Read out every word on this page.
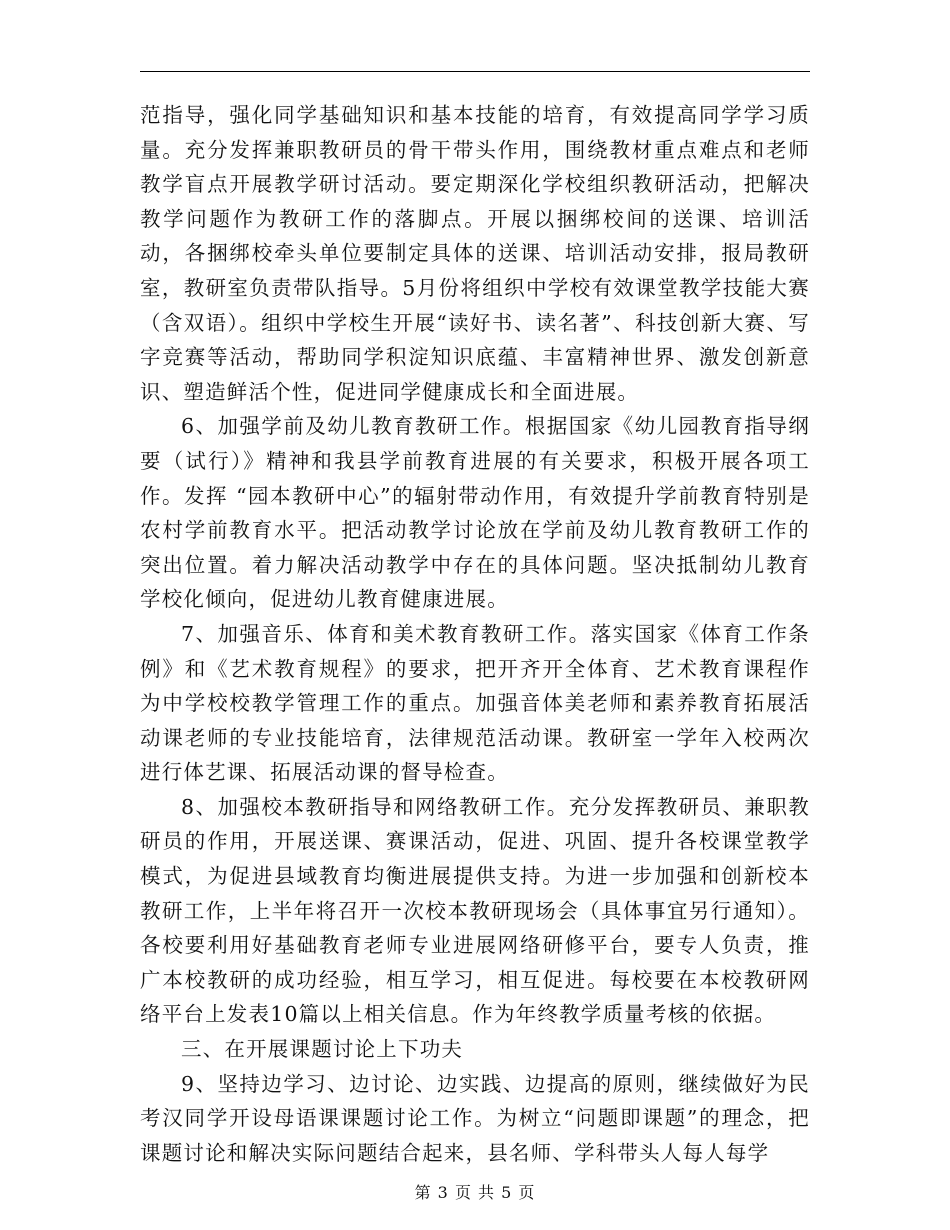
范指导，强化同学基础知识和基本技能的培育，有效提高同学学习质量。充分发挥兼职教研员的骨干带头作用，围绕教材重点难点和老师教学盲点开展教学研讨活动。要定期深化学校组织教研活动，把解决教学问题作为教研工作的落脚点。开展以捆绑校间的送课、培训活动，各捆绑校牵头单位要制定具体的送课、培训活动安排，报局教研室，教研室负责带队指导。5月份将组织中学校有效课堂教学技能大赛（含双语）。组织中学校生开展“读好书、读名著”、科技创新大赛、写字竞赛等活动，帮助同学积淀知识底蕴、丰富精神世界、激发创新意识、塑造鲜活个性，促进同学健康成长和全面进展。

6、加强学前及幼儿教育教研工作。根据国家《幼儿园教育指导纲要（试行）》精神和我县学前教育进展的有关要求，积极开展各项工作。发挥 “园本教研中心”的辐射带动作用，有效提升学前教育特别是农村学前教育水平。把活动教学讨论放在学前及幼儿教育教研工作的突出位置。着力解决活动教学中存在的具体问题。坚决抵制幼儿教育学校化倾向，促进幼儿教育健康进展。

7、加强音乐、体育和美术教育教研工作。落实国家《体育工作条例》和《艺术教育规程》的要求，把开齐开全体育、艺术教育课程作为中学校校教学管理工作的重点。加强音体美老师和素养教育拓展活动课老师的专业技能培育，法律规范活动课。教研室一学年入校两次进行体艺课、拓展活动课的督导检查。

8、加强校本教研指导和网络教研工作。充分发挥教研员、兼职教研员的作用，开展送课、赛课活动，促进、巩固、提升各校课堂教学模式，为促进县域教育均衡进展提供支持。为进一步加强和创新校本教研工作，上半年将召开一次校本教研现场会（具体事宜另行通知）。各校要利用好基础教育老师专业进展网络研修平台，要专人负责，推广本校教研的成功经验，相互学习，相互促进。每校要在本校教研网络平台上发表10篇以上相关信息。作为年终教学质量考核的依据。

三、在开展课题讨论上下功夫

9、坚持边学习、边讨论、边实践、边提高的原则，继续做好为民考汉同学开设母语课课题讨论工作。为树立“问题即课题”的理念，把课题讨论和解决实际问题结合起来，县名师、学科带头人每人每学

第 3 页 共 5 页
